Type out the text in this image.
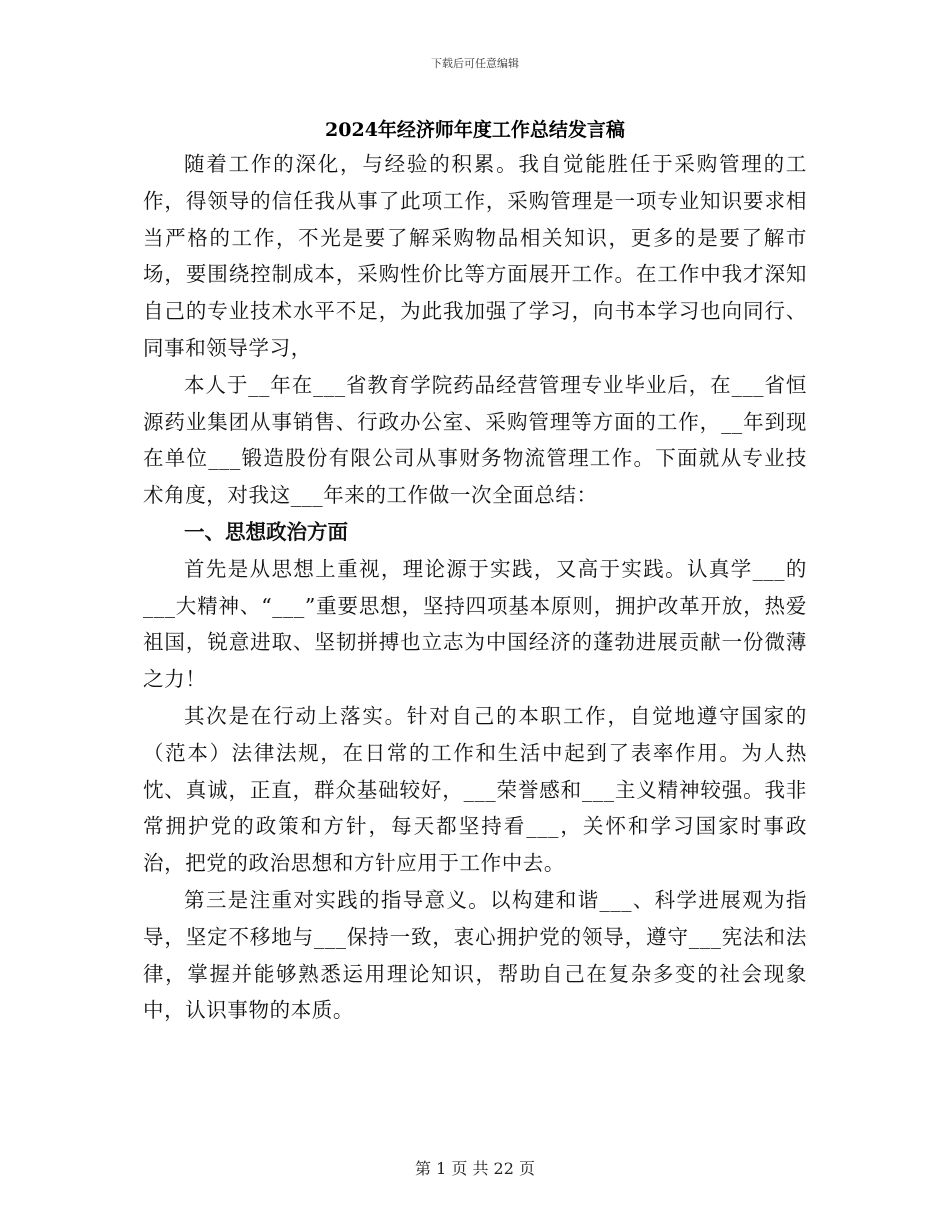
下载后可任意编辑
2024年经济师年度工作总结发言稿

随着工作的深化，与经验的积累。我自觉能胜任于采购管理的工作，得领导的信任我从事了此项工作，采购管理是一项专业知识要求相当严格的工作，不光是要了解采购物品相关知识，更多的是要了解市场，要围绕控制成本，采购性价比等方面展开工作。在工作中我才深知自己的专业技术水平不足，为此我加强了学习，向书本学习也向同行、同事和领导学习，

本人于__年在___省教育学院药品经营管理专业毕业后，在___省恒源药业集团从事销售、行政办公室、采购管理等方面的工作，__年到现在单位___锻造股份有限公司从事财务物流管理工作。下面就从专业技术角度，对我这___年来的工作做一次全面总结：

一、思想政治方面

首先是从思想上重视，理论源于实践，又高于实践。认真学___的___大精神、“___”重要思想，坚持四项基本原则，拥护改革开放，热爱祖国，锐意进取、坚韧拼搏也立志为中国经济的蓬勃进展贡献一份微薄之力！

其次是在行动上落实。针对自己的本职工作，自觉地遵守国家的（范本）法律法规，在日常的工作和生活中起到了表率作用。为人热忱、真诚，正直，群众基础较好，___荣誉感和___主义精神较强。我非常拥护党的政策和方针，每天都坚持看___，关怀和学习国家时事政治，把党的政治思想和方针应用于工作中去。

第三是注重对实践的指导意义。以构建和谐___、科学进展观为指导，坚定不移地与___保持一致，衷心拥护党的领导，遵守___宪法和法律，掌握并能够熟悉运用理论知识，帮助自己在复杂多变的社会现象中，认识事物的本质。

第 1 页 共 22 页
